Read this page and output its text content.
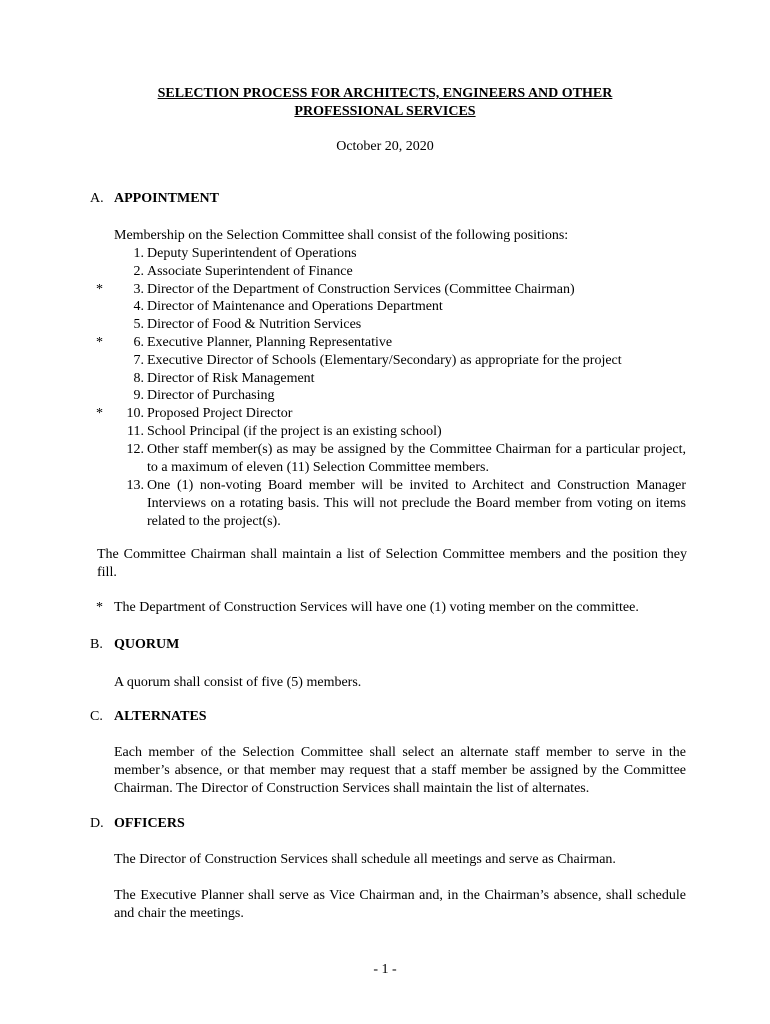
SELECTION PROCESS FOR ARCHITECTS, ENGINEERS AND OTHER
PROFESSIONAL SERVICES
October 20, 2020
A. APPOINTMENT
Membership on the Selection Committee shall consist of the following positions:
1. Deputy Superintendent of Operations
2. Associate Superintendent of Finance
*	3. Director of the Department of Construction Services (Committee Chairman)
4. Director of Maintenance and Operations Department
5. Director of Food & Nutrition Services
*	6. Executive Planner, Planning Representative
7. Executive Director of Schools (Elementary/Secondary) as appropriate for the project
8. Director of Risk Management
9. Director of Purchasing
*	10. Proposed Project Director
11. School Principal (if the project is an existing school)
12. Other staff member(s) as may be assigned by the Committee Chairman for a particular project, to a maximum of eleven (11) Selection Committee members.
13. One (1) non-voting Board member will be invited to Architect and Construction Manager Interviews on a rotating basis. This will not preclude the Board member from voting on items related to the project(s).
The Committee Chairman shall maintain a list of Selection Committee members and the position they fill.
* The Department of Construction Services will have one (1) voting member on the committee.
B. QUORUM
A quorum shall consist of five (5) members.
C. ALTERNATES
Each member of the Selection Committee shall select an alternate staff member to serve in the member’s absence, or that member may request that a staff member be assigned by the Committee Chairman. The Director of Construction Services shall maintain the list of alternates.
D. OFFICERS
The Director of Construction Services shall schedule all meetings and serve as Chairman.
The Executive Planner shall serve as Vice Chairman and, in the Chairman’s absence, shall schedule and chair the meetings.
- 1 -
